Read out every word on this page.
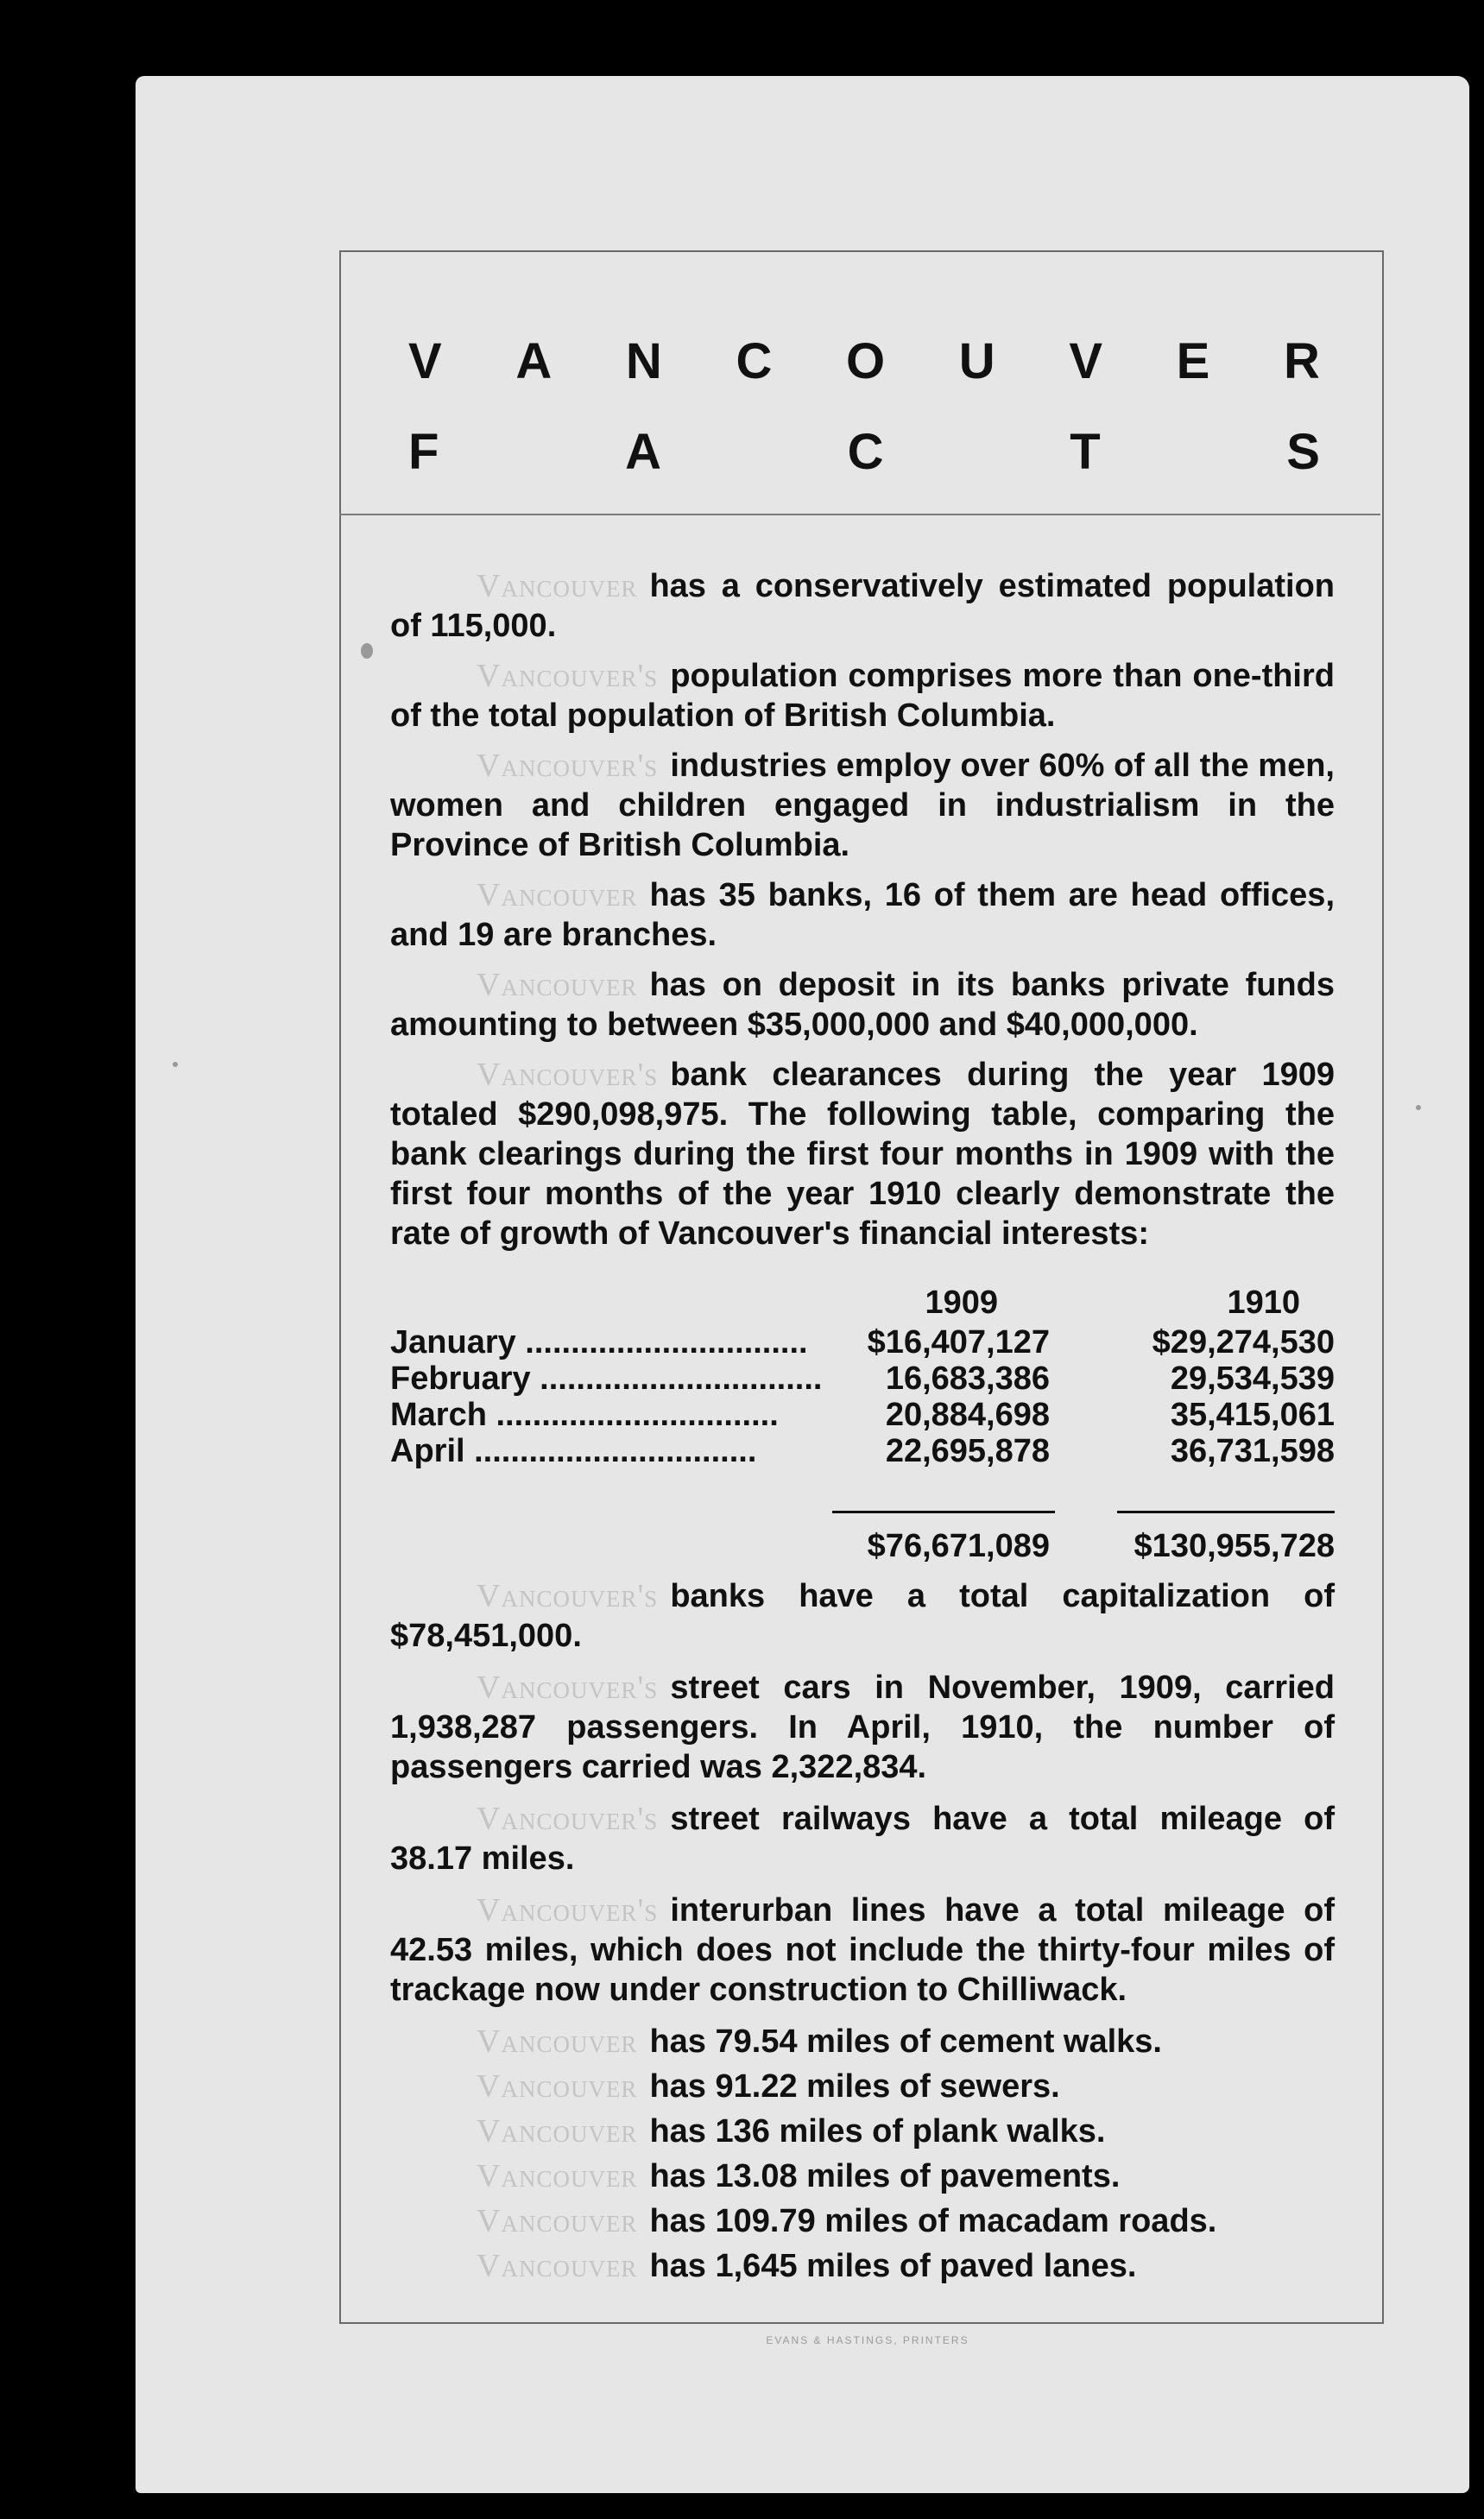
V A N C O U V E R
F	A	C	T	S

Vancouver has a conservatively estimated population of 115,000.

Vancouver's population comprises more than one-third of the total population of British Columbia.

Vancouver's industries employ over 60% of all the men, women and children engaged in industrialism in the Province of British Columbia.

Vancouver has 35 banks, 16 of them are head offices, and 19 are branches.

Vancouver has on deposit in its banks private funds amounting to between $35,000,000 and $40,000,000.

Vancouver's bank clearances during the year 1909 totaled $290,098,975. The following table, comparing the bank clearings during the first four months in 1909 with the first four months of the year 1910 clearly demonstrate the rate of growth of Vancouver's financial interests:

1909	1910
January ...............................	$16,407,127	$29,274,530
February ............................... 16,683,386	29,534,539
March ...............................	20,884,698	35,415,061
April ...............................	22,695,878	36,731,598
$76,671,089	$130,955,728

Vancouver's banks have a total capitalization of $78,451,000.

Vancouver's street cars in November, 1909, carried 1,938,287 passengers. In April, 1910, the number of passengers carried was 2,322,834.

Vancouver's street railways have a total mileage of 38.17 miles.

Vancouver's interurban lines have a total mileage of 42.53 miles, which does not include the thirty-four miles of trackage now under construction to Chilliwack.

Vancouver has 79.54 miles of cement walks.
Vancouver has 91.22 miles of sewers.
Vancouver has 136 miles of plank walks.
Vancouver has 13.08 miles of pavements.
Vancouver has 109.79 miles of macadam roads.
Vancouver has 1,645 miles of paved lanes.
EVANS & HASTINGS, PRINTERS
